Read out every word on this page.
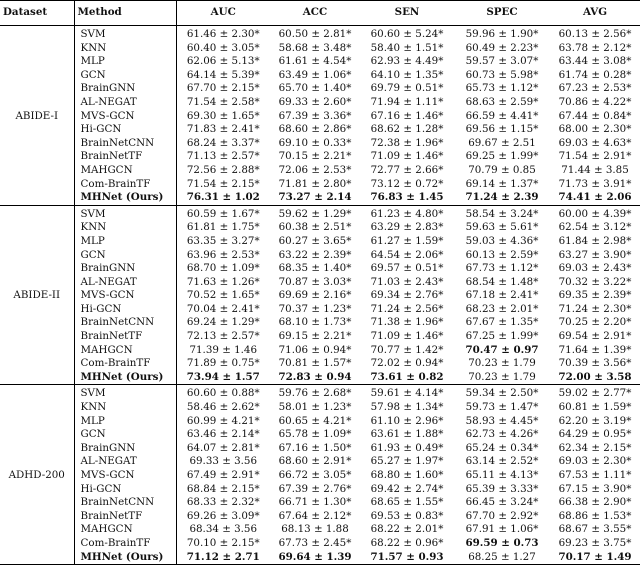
Dataset	Method	AUC	ACC	SEN	SPEC	AVG
ABIDE-I	SVM	61.46 ± 2.30*	60.50 ± 2.81*	60.60 ± 5.24*	59.96 ± 1.90*	60.13 ± 2.56*
	KNN	60.40 ± 3.05*	58.68 ± 3.48*	58.40 ± 1.51*	60.49 ± 2.23*	63.78 ± 2.12*
	MLP	62.06 ± 5.13*	61.61 ± 4.54*	62.93 ± 4.49*	59.57 ± 3.07*	63.44 ± 3.08*
	GCN	64.14 ± 5.39*	63.49 ± 1.06*	64.10 ± 1.35*	60.73 ± 5.98*	61.74 ± 0.28*
	BrainGNN	67.70 ± 2.15*	65.70 ± 1.40*	69.79 ± 0.51*	65.73 ± 1.12*	67.23 ± 2.53*
	AL-NEGAT	71.54 ± 2.58*	69.33 ± 2.60*	71.94 ± 1.11*	68.63 ± 2.59*	70.86 ± 4.22*
	MVS-GCN	69.30 ± 1.65*	67.39 ± 3.36*	67.16 ± 1.46*	66.59 ± 4.41*	67.44 ± 0.84*
	Hi-GCN	71.83 ± 2.41*	68.60 ± 2.86*	68.62 ± 1.28*	69.56 ± 1.15*	68.00 ± 2.30*
	BrainNetCNN	68.24 ± 3.37*	69.10 ± 0.33*	72.38 ± 1.96*	69.67 ± 2.51	69.03 ± 4.63*
	BrainNetTF	71.13 ± 2.57*	70.15 ± 2.21*	71.09 ± 1.46*	69.25 ± 1.99*	71.54 ± 2.91*
	MAHGCN	72.56 ± 2.88*	72.06 ± 2.53*	72.77 ± 2.66*	70.79 ± 0.85	71.44 ± 3.85
	Com-BrainTF	71.54 ± 2.15*	71.81 ± 2.80*	73.12 ± 0.72*	69.14 ± 1.37*	71.73 ± 3.91*
	MHNet (Ours)	76.31 ± 1.02	73.27 ± 2.14	76.83 ± 1.45	71.24 ± 2.39	74.41 ± 2.06
ABIDE-II	SVM	60.59 ± 1.67*	59.62 ± 1.29*	61.23 ± 4.80*	58.54 ± 3.24*	60.00 ± 4.39*
	KNN	61.81 ± 1.75*	60.38 ± 2.51*	63.29 ± 2.83*	59.63 ± 5.61*	62.54 ± 3.12*
	MLP	63.35 ± 3.27*	60.27 ± 3.65*	61.27 ± 1.59*	59.03 ± 4.36*	61.84 ± 2.98*
	GCN	63.96 ± 2.53*	63.22 ± 2.39*	64.54 ± 2.06*	60.13 ± 2.59*	63.27 ± 3.90*
	BrainGNN	68.70 ± 1.09*	68.35 ± 1.40*	69.57 ± 0.51*	67.73 ± 1.12*	69.03 ± 2.43*
	AL-NEGAT	71.63 ± 1.26*	70.87 ± 3.03*	71.03 ± 2.43*	68.54 ± 1.48*	70.32 ± 3.22*
	MVS-GCN	70.52 ± 1.65*	69.69 ± 2.16*	69.34 ± 2.76*	67.18 ± 2.41*	69.35 ± 2.39*
	Hi-GCN	70.04 ± 2.41*	70.37 ± 1.23*	71.24 ± 2.56*	68.23 ± 2.01*	71.24 ± 2.30*
	BrainNetCNN	69.24 ± 1.29*	68.10 ± 1.73*	71.38 ± 1.96*	67.67 ± 1.35*	70.25 ± 2.20*
	BrainNetTF	72.13 ± 2.57*	69.15 ± 2.21*	71.09 ± 1.46*	67.25 ± 1.99*	69.54 ± 2.91*
	MAHGCN	71.39 ± 1.46	71.06 ± 0.94*	70.77 ± 1.42*	70.47 ± 0.97	71.64 ± 1.39*
	Com-BrainTF	71.89 ± 0.75*	70.81 ± 1.57*	72.02 ± 0.94*	70.23 ± 1.79	70.39 ± 3.56*
	MHNet (Ours)	73.94 ± 1.57	72.83 ± 0.94	73.61 ± 0.82	70.23 ± 1.79	72.00 ± 3.58
ADHD-200	SVM	60.60 ± 0.88*	59.76 ± 2.68*	59.61 ± 4.14*	59.34 ± 2.50*	59.02 ± 2.77*
	KNN	58.46 ± 2.62*	58.01 ± 1.23*	57.98 ± 1.34*	59.73 ± 1.47*	60.81 ± 1.59*
	MLP	60.99 ± 4.21*	60.65 ± 4.21*	61.10 ± 2.96*	58.93 ± 4.45*	62.20 ± 3.19*
	GCN	63.46 ± 2.14*	65.78 ± 1.09*	63.61 ± 1.88*	62.73 ± 4.26*	64.29 ± 0.95*
	BrainGNN	64.07 ± 2.81*	67.16 ± 1.50*	61.93 ± 0.49*	65.24 ± 0.34*	62.34 ± 2.15*
	AL-NEGAT	69.33 ± 3.56	68.60 ± 2.91*	65.27 ± 1.97*	63.14 ± 2.52*	69.03 ± 2.30*
	MVS-GCN	67.49 ± 2.91*	66.72 ± 3.05*	68.80 ± 1.60*	65.11 ± 4.13*	67.53 ± 1.11*
	Hi-GCN	68.84 ± 2.15*	67.39 ± 2.76*	69.42 ± 2.74*	65.39 ± 3.33*	67.15 ± 3.90*
	BrainNetCNN	68.33 ± 2.32*	66.71 ± 1.30*	68.65 ± 1.55*	66.45 ± 3.24*	66.38 ± 2.90*
	BrainNetTF	69.26 ± 3.09*	67.64 ± 2.12*	69.53 ± 0.83*	67.70 ± 2.92*	68.86 ± 1.53*
	MAHGCN	68.34 ± 3.56	68.13 ± 1.88	68.22 ± 2.01*	67.91 ± 1.06*	68.67 ± 3.55*
	Com-BrainTF	70.10 ± 2.15*	67.73 ± 2.45*	68.22 ± 0.96*	69.59 ± 0.73	69.23 ± 3.75*
	MHNet (Ours)	71.12 ± 2.71	69.64 ± 1.39	71.57 ± 0.93	68.25 ± 1.27	70.17 ± 1.49
